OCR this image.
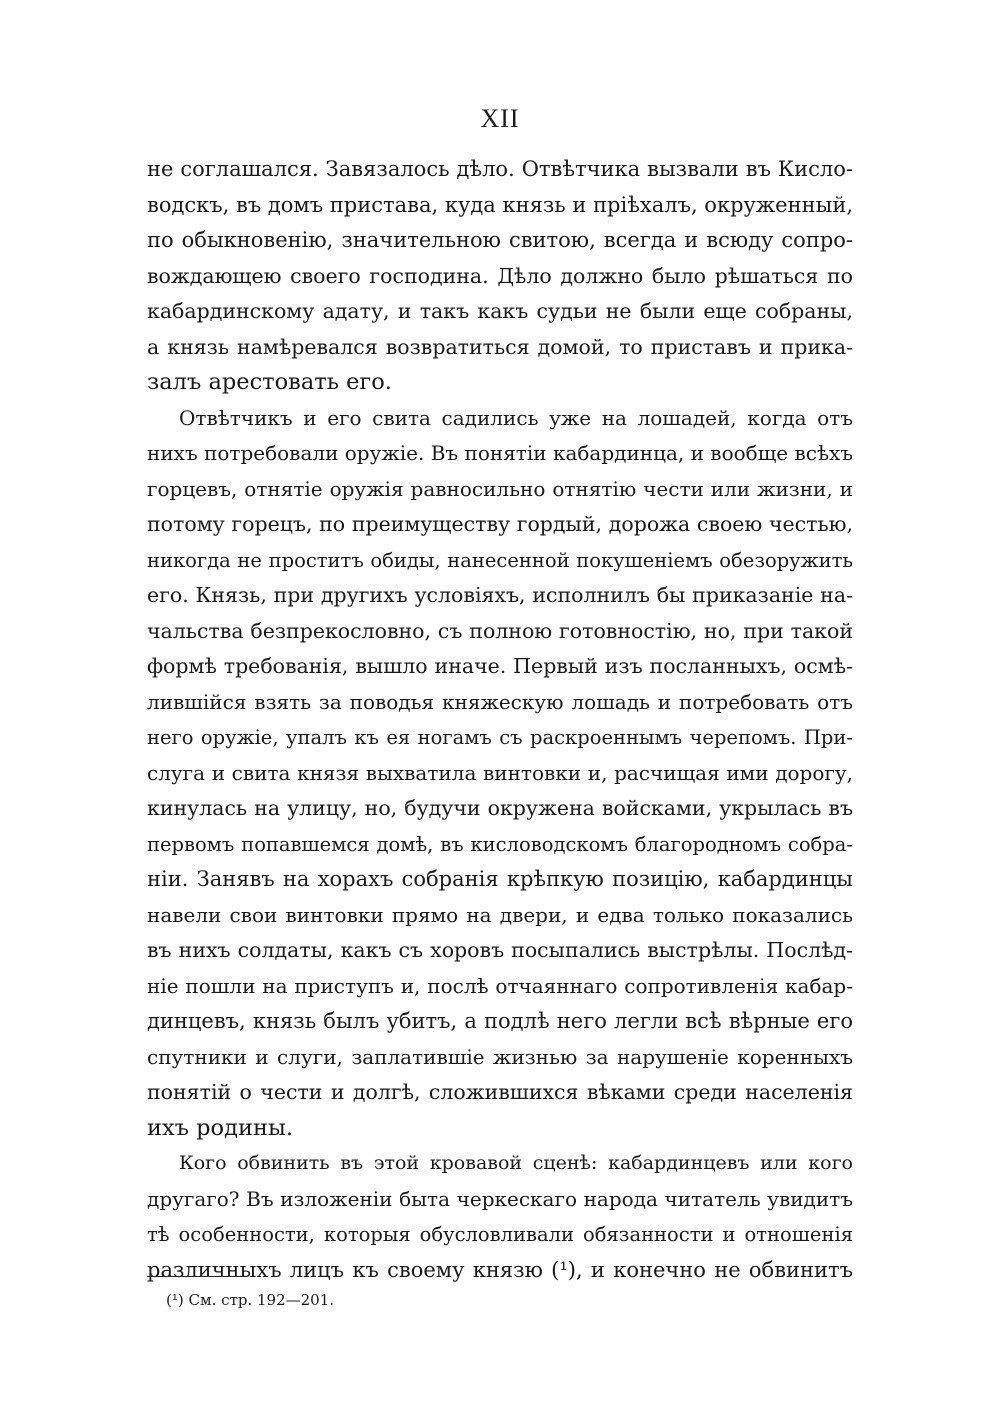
XII
не соглашался. Завязалось дѣло. Отвѣтчика вызвали въ Кисло-
водскъ, въ домъ пристава, куда князь и пріѣхалъ, окруженный,
по обыкновенію, значительною свитою, всегда и всюду сопро-
вождающею своего господина. Дѣло должно было рѣшаться по
кабардинскому адату, и такъ какъ судьи не были еще собраны,
а князь намѣревался возвратиться домой, то приставъ и прика-
залъ арестовать его.
Отвѣтчикъ и его свита садились уже на лошадей, когда отъ
нихъ потребовали оружіе. Въ понятіи кабардинца, и вообще всѣхъ
горцевъ, отнятіе оружія равносильно отнятію чести или жизни, и
потому горецъ, по преимуществу гордый, дорожа своею честью,
никогда не проститъ обиды, нанесенной покушеніемъ обезоружить
его. Князь, при другихъ условіяхъ, исполнилъ бы приказаніе на-
чальства безпрекословно, съ полною готовностію, но, при такой
формѣ требованія, вышло иначе. Первый изъ посланныхъ, осмѣ-
лившійся взять за поводья княжескую лошадь и потребовать отъ
него оружіе, упалъ къ ея ногамъ съ раскроеннымъ черепомъ. При-
слуга и свита князя выхватила винтовки и, расчищая ими дорогу,
кинулась на улицу, но, будучи окружена войсками, укрылась въ
первомъ попавшемся домѣ, въ кисловодскомъ благородномъ собра-
ніи. Занявъ на хорахъ собранія крѣпкую позицію, кабардинцы
навели свои винтовки прямо на двери, и едва только показались
въ нихъ солдаты, какъ съ хоровъ посыпались выстрѣлы. Послѣд-
ніе пошли на приступъ и, послѣ отчаяннаго сопротивленія кабар-
динцевъ, князь былъ убитъ, а подлѣ него легли всѣ вѣрные его
спутники и слуги, заплатившіе жизнью за нарушеніе коренныхъ
понятій о чести и долгѣ, сложившихся вѣками среди населенія
ихъ родины.
Кого обвинить въ этой кровавой сценѣ: кабардинцевъ или кого
другаго? Въ изложеніи быта черкескаго народа читатель увидитъ
тѣ особенности, которыя обусловливали обязанности и отношенія
различныхъ лицъ къ своему князю (¹), и конечно не обвинитъ
(¹) См. стр. 192—201.
